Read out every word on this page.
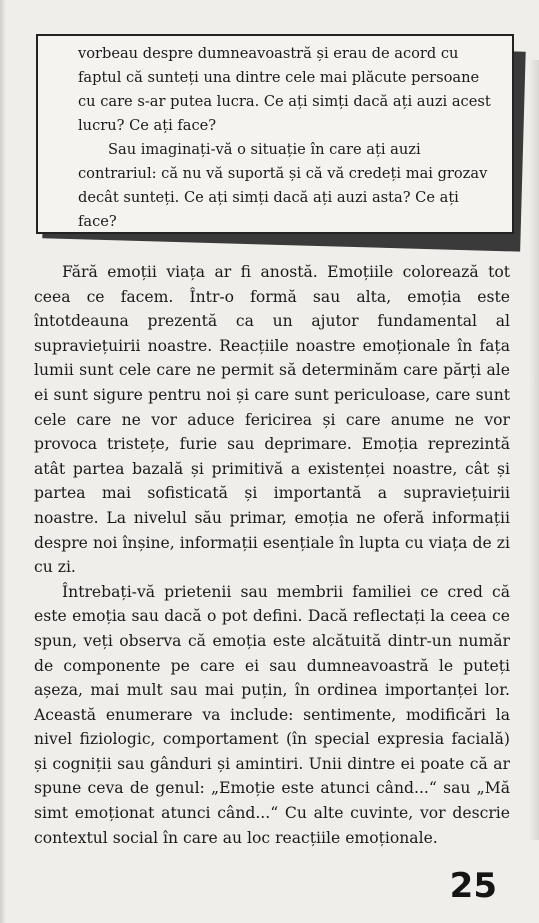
vorbeau despre dumneavoastră și erau de acord cu faptul că sunteți una dintre cele mai plăcute persoane cu care s-ar putea lucra. Ce ați simți dacă ați auzi acest lucru? Ce ați face?

Sau imaginați-vă o situație în care ați auzi contrariul: că nu vă suportă și că vă credeți mai grozav decât sunteți. Ce ați simți dacă ați auzi asta? Ce ați face?

Fără emoții viața ar fi anostă. Emoțiile colorează tot ceea ce facem. Într-o formă sau alta, emoția este întotdeauna prezentă ca un ajutor fundamental al supraviețuirii noastre. Reacțiile noastre emoționale în fața lumii sunt cele care ne permit să determinăm care părți ale ei sunt sigure pentru noi și care sunt periculoase, care sunt cele care ne vor aduce fericirea și care anume ne vor provoca tristețe, furie sau deprimare. Emoția reprezintă atât partea bazală și primitivă a existenței noastre, cât și partea mai sofisticată și importantă a supraviețuirii noastre. La nivelul său primar, emoția ne oferă informații despre noi înșine, informații esențiale în lupta cu viața de zi cu zi.

Întrebați-vă prietenii sau membrii familiei ce cred că este emoția sau dacă o pot defini. Dacă reflectați la ceea ce spun, veți observa că emoția este alcătuită dintr-un număr de componente pe care ei sau dumneavoastră le puteți așeza, mai mult sau mai puțin, în ordinea importanței lor. Această enumerare va include: sentimente, modificări la nivel fiziologic, comportament (în special expresia facială) și cogniții sau gânduri și amintiri. Unii dintre ei poate că ar spune ceva de genul: „Emoție este atunci când...“ sau „Mă simt emoționat atunci când...“ Cu alte cuvinte, vor descrie contextul social în care au loc reacțiile emoționale.

25
